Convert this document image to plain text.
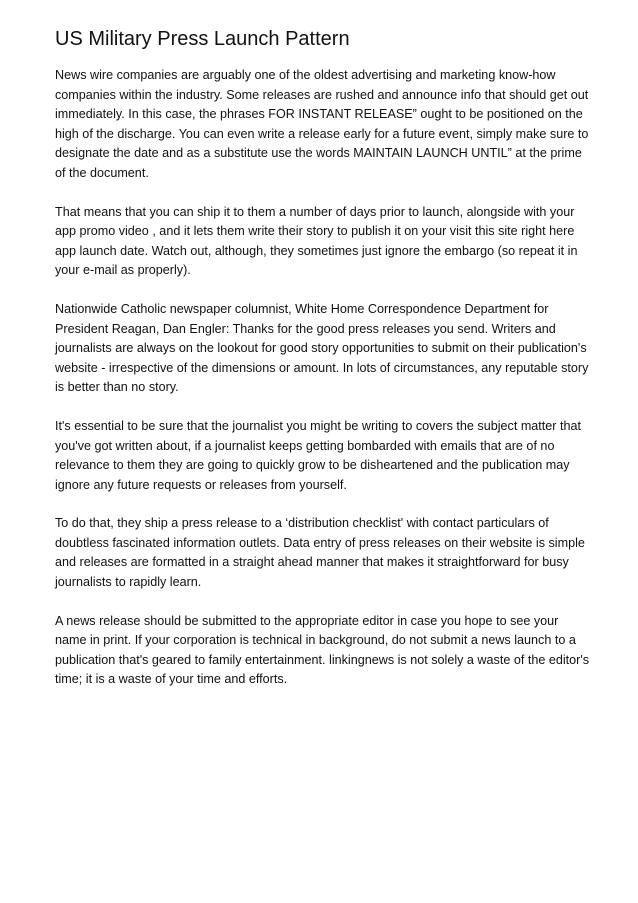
US Military Press Launch Pattern

News wire companies are arguably one of the oldest advertising and marketing know-how companies within the industry. Some releases are rushed and announce info that should get out immediately. In this case, the phrases FOR INSTANT RELEASE” ought to be positioned on the high of the discharge. You can even write a release early for a future event, simply make sure to designate the date and as a substitute use the words MAINTAIN LAUNCH UNTIL” at the prime of the document.

That means that you can ship it to them a number of days prior to launch, alongside with your app promo video , and it lets them write their story to publish it on your visit this site right here app launch date. Watch out, although, they sometimes just ignore the embargo (so repeat it in your e-mail as properly).

Nationwide Catholic newspaper columnist, White Home Correspondence Department for President Reagan, Dan Engler: Thanks for the good press releases you send. Writers and journalists are always on the lookout for good story opportunities to submit on their publication's website - irrespective of the dimensions or amount. In lots of circumstances, any reputable story is better than no story.

It's essential to be sure that the journalist you might be writing to covers the subject matter that you've got written about, if a journalist keeps getting bombarded with emails that are of no relevance to them they are going to quickly grow to be disheartened and the publication may ignore any future requests or releases from yourself.

To do that, they ship a press release to a ‘distribution checklist' with contact particulars of doubtless fascinated information outlets. Data entry of press releases on their website is simple and releases are formatted in a straight ahead manner that makes it straightforward for busy journalists to rapidly learn.

A news release should be submitted to the appropriate editor in case you hope to see your name in print. If your corporation is technical in background, do not submit a news launch to a publication that's geared to family entertainment. linkingnews is not solely a waste of the editor's time; it is a waste of your time and efforts.
